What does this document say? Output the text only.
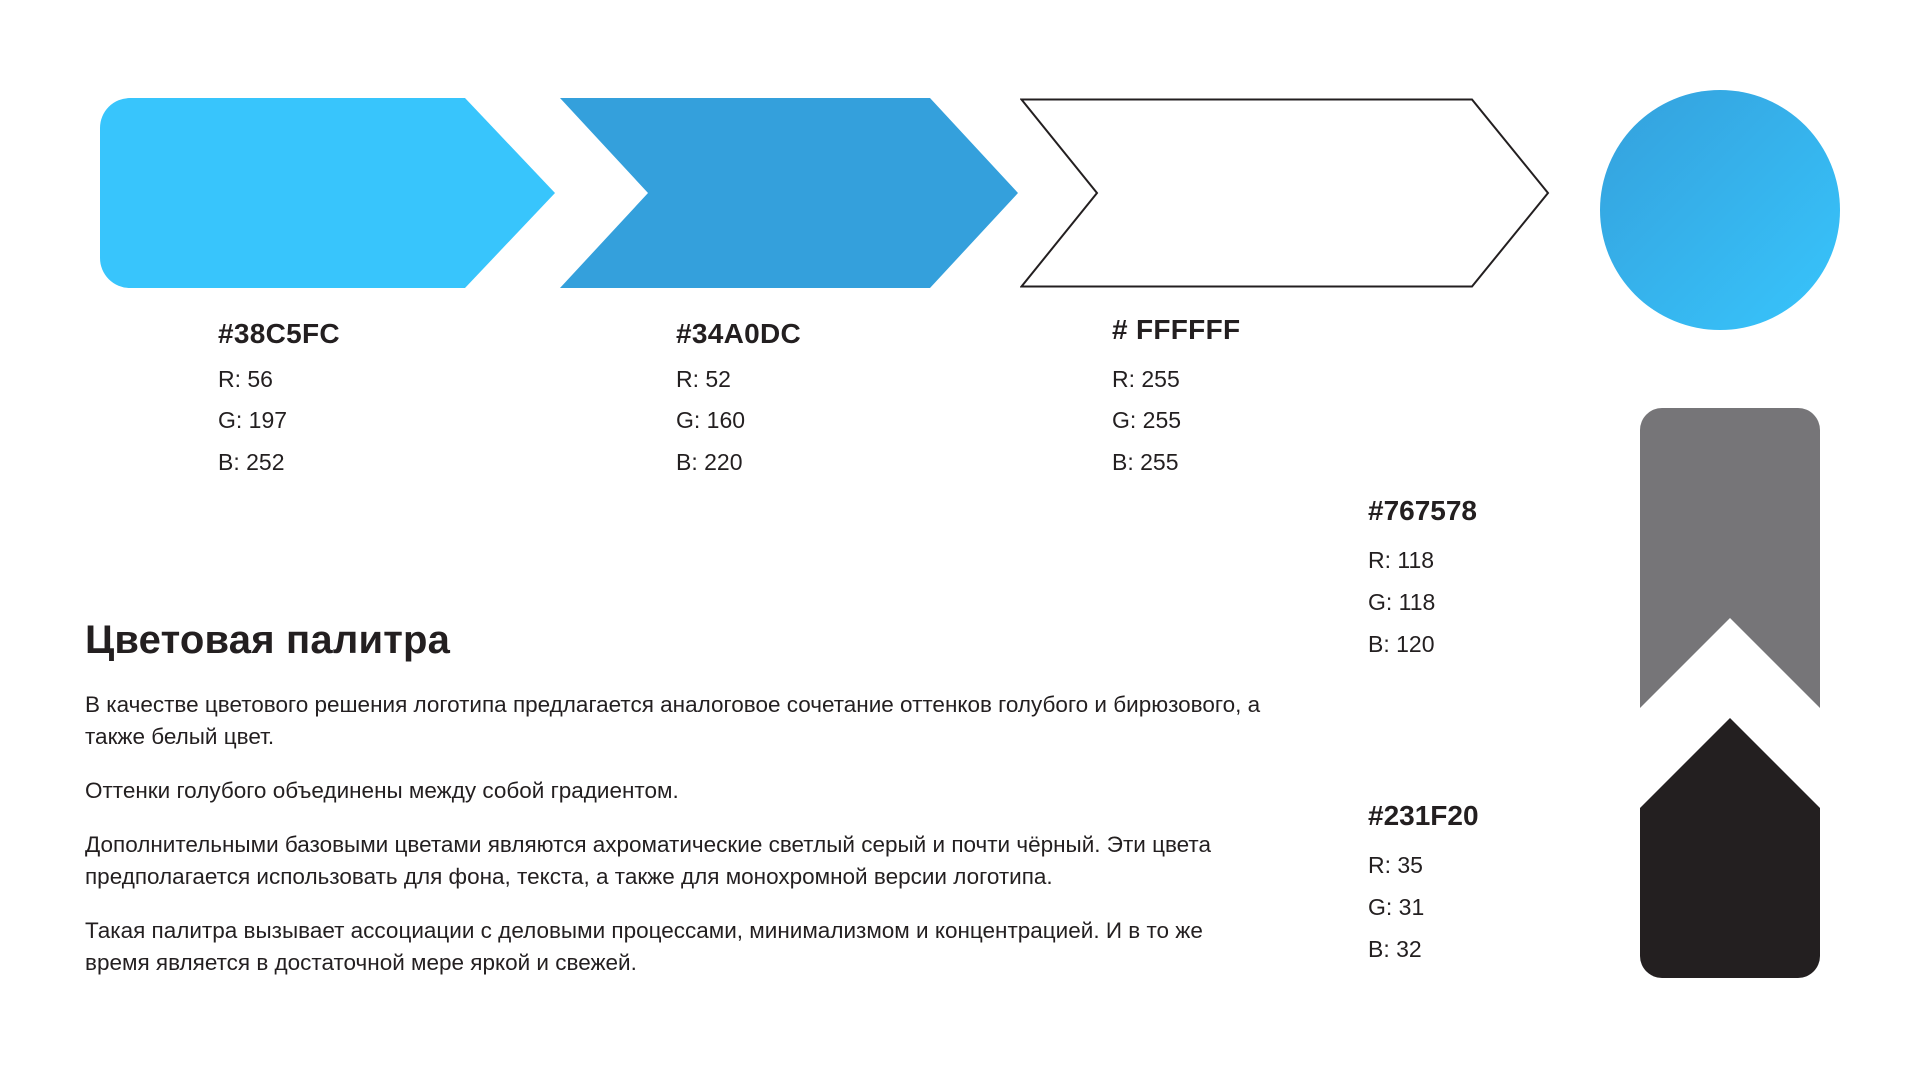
#38C5FC
R: 56
G: 197
B: 252
#34A0DC
R: 52
G: 160
B: 220
# FFFFFF
R: 255
G: 255
B: 255

#767578

R: 118
G: 118
B: 120

#231F20

R: 35
G: 31
B: 32
Цветовая палитра

В качестве цветового решения логотипа предлагается аналоговое сочетание оттенков голубого и бирюзового, а также белый цвет.

Оттенки голубого объединены между собой градиентом.

Дополнительными базовыми цветами являются ахроматические светлый серый и почти чёрный. Эти цвета предполагается использовать для фона, текста, а также для монохромной версии логотипа.

Такая палитра вызывает ассоциации с деловыми процессами, минимализмом и концентрацией. И в то же время является в достаточной мере яркой и свежей.
